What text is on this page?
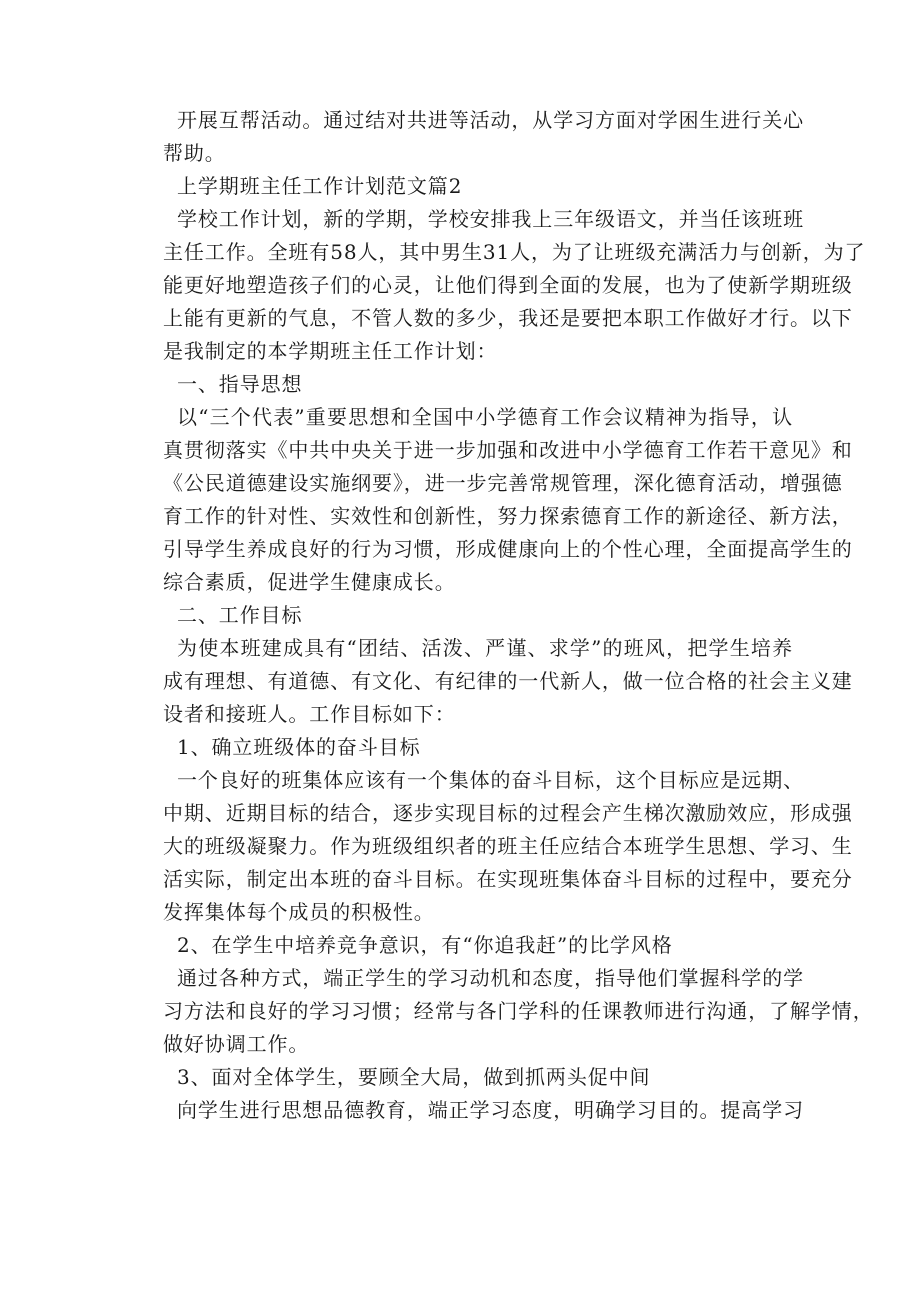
开展互帮活动。通过结对共进等活动，从学习方面对学困生进行关心
帮助。
上学期班主任工作计划范文篇2
学校工作计划，新的学期，学校安排我上三年级语文，并当任该班班
主任工作。全班有58人，其中男生31人，为了让班级充满活力与创新，为了
能更好地塑造孩子们的心灵，让他们得到全面的发展，也为了使新学期班级
上能有更新的气息，不管人数的多少，我还是要把本职工作做好才行。以下
是我制定的本学期班主任工作计划：
一、指导思想
以“三个代表”重要思想和全国中小学德育工作会议精神为指导，认
真贯彻落实《中共中央关于进一步加强和改进中小学德育工作若干意见》和
《公民道德建设实施纲要》，进一步完善常规管理，深化德育活动，增强德
育工作的针对性、实效性和创新性，努力探索德育工作的新途径、新方法，
引导学生养成良好的行为习惯，形成健康向上的个性心理，全面提高学生的
综合素质，促进学生健康成长。
二、工作目标
为使本班建成具有“团结、活泼、严谨、求学”的班风，把学生培养
成有理想、有道德、有文化、有纪律的一代新人，做一位合格的社会主义建
设者和接班人。工作目标如下：
1、确立班级体的奋斗目标
一个良好的班集体应该有一个集体的奋斗目标，这个目标应是远期、
中期、近期目标的结合，逐步实现目标的过程会产生梯次激励效应，形成强
大的班级凝聚力。作为班级组织者的班主任应结合本班学生思想、学习、生
活实际，制定出本班的奋斗目标。在实现班集体奋斗目标的过程中，要充分
发挥集体每个成员的积极性。
2、在学生中培养竞争意识，有“你追我赶”的比学风格
通过各种方式，端正学生的学习动机和态度，指导他们掌握科学的学
习方法和良好的学习习惯；经常与各门学科的任课教师进行沟通，了解学情，
做好协调工作。
3、面对全体学生，要顾全大局，做到抓两头促中间
向学生进行思想品德教育，端正学习态度，明确学习目的。提高学习
